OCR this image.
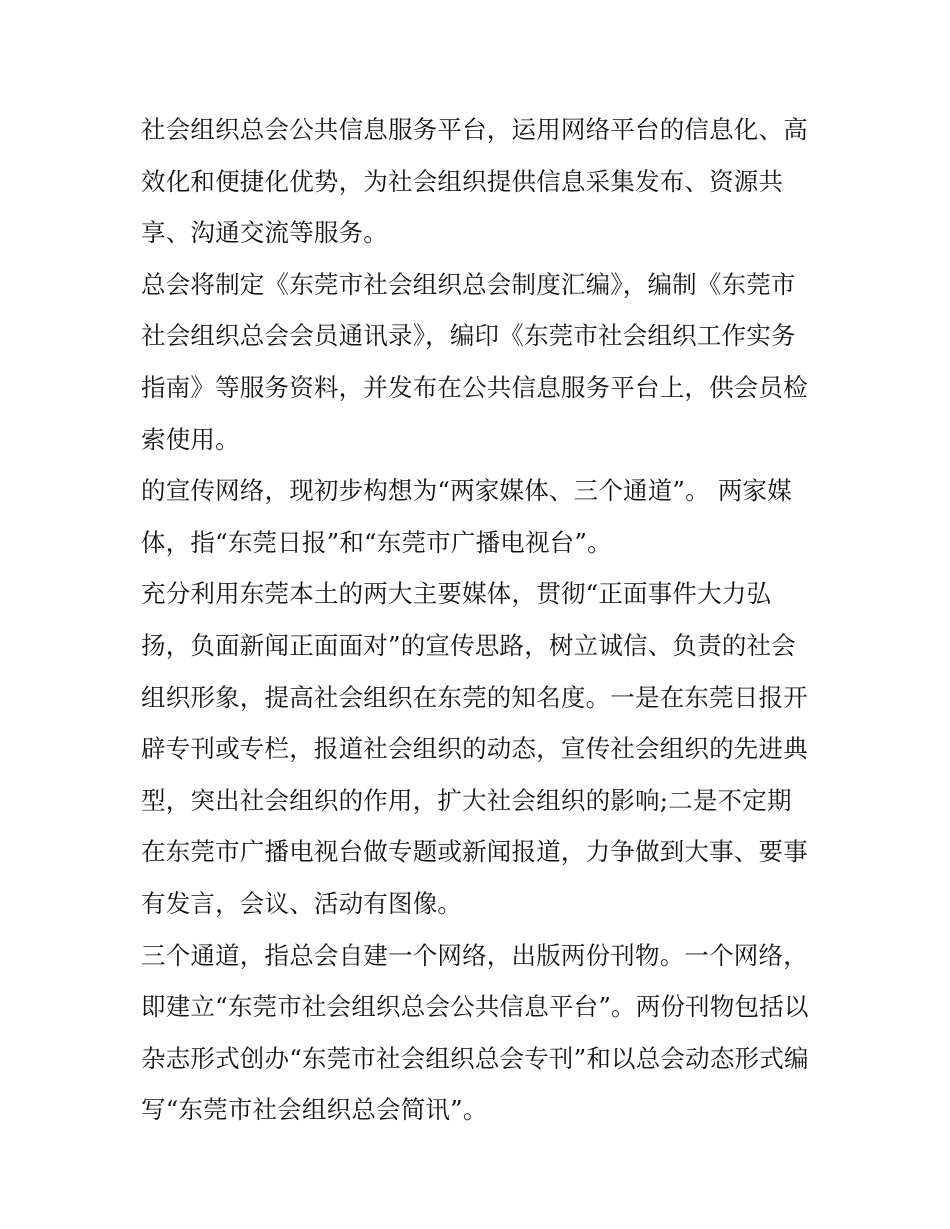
社会组织总会公共信息服务平台，运用网络平台的信息化、高
效化和便捷化优势，为社会组织提供信息采集发布、资源共
享、沟通交流等服务。
总会将制定《东莞市社会组织总会制度汇编》，编制《东莞市
社会组织总会会员通讯录》，编印《东莞市社会组织工作实务
指南》等服务资料，并发布在公共信息服务平台上，供会员检
索使用。
的宣传网络，现初步构想为“两家媒体、三个通道”。 两家媒
体，指“东莞日报”和“东莞市广播电视台”。
充分利用东莞本土的两大主要媒体，贯彻“正面事件大力弘
扬，负面新闻正面面对”的宣传思路，树立诚信、负责的社会
组织形象，提高社会组织在东莞的知名度。一是在东莞日报开
辟专刊或专栏，报道社会组织的动态，宣传社会组织的先进典
型，突出社会组织的作用，扩大社会组织的影响;二是不定期
在东莞市广播电视台做专题或新闻报道，力争做到大事、要事
有发言，会议、活动有图像。
三个通道，指总会自建一个网络，出版两份刊物。一个网络，
即建立“东莞市社会组织总会公共信息平台”。两份刊物包括以
杂志形式创办“东莞市社会组织总会专刊”和以总会动态形式编
写“东莞市社会组织总会简讯”。
